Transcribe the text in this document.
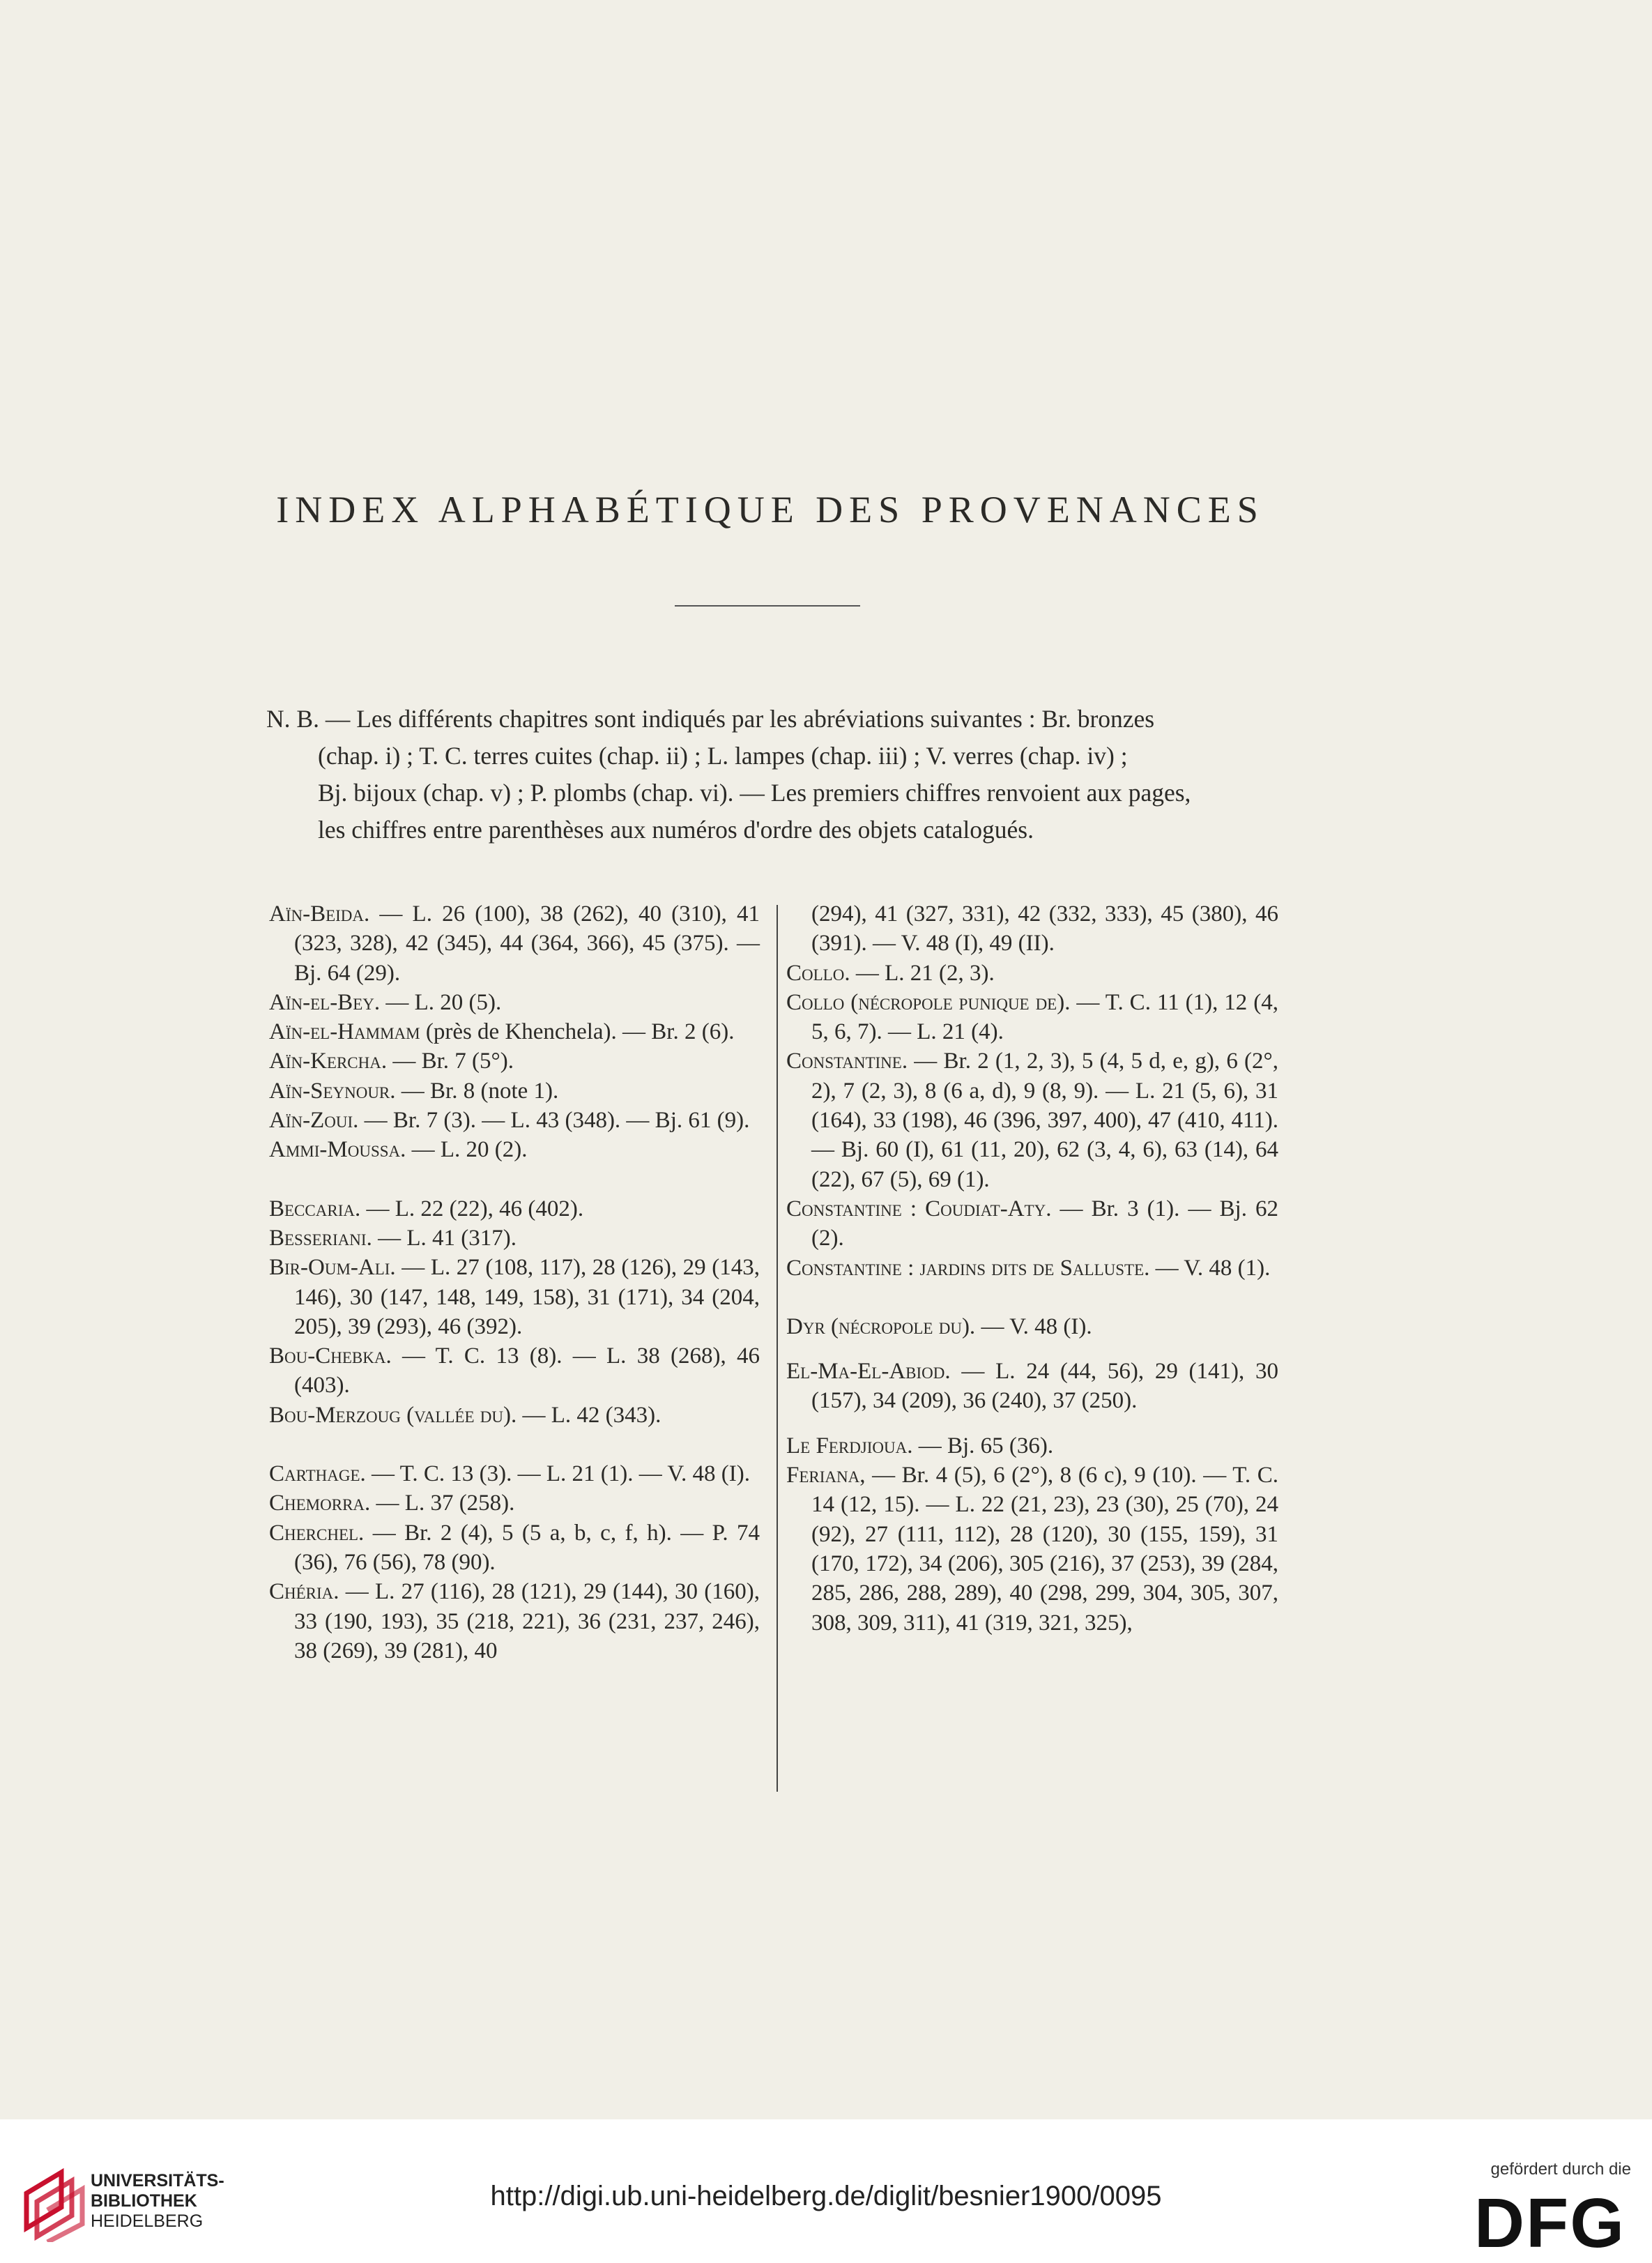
INDEX ALPHABÉTIQUE DES PROVENANCES

N. B. — Les différents chapitres sont indiqués par les abréviations suivantes : Br. bronzes

(chap. i) ; T. C. terres cuites (chap. ii) ; L. lampes (chap. iii) ; V. verres (chap. iv) ;

Bj. bijoux (chap. v) ; P. plombs (chap. vi). — Les premiers chiffres renvoient aux pages,

les chiffres entre parenthèses aux numéros d'ordre des objets catalogués.

Aïn-Beida. — L. 26 (100), 38 (262), 40 (310), 41 (323, 328), 42 (345), 44 (364, 366), 45 (375). — Bj. 64 (29).

Aïn-el-Bey. — L. 20 (5).

Aïn-el-Hammam (près de Khenchela). — Br. 2 (6).

Aïn-Kercha. — Br. 7 (5°).

Aïn-Seynour. — Br. 8 (note 1).

Aïn-Zoui. — Br. 7 (3). — L. 43 (348). — Bj. 61 (9).

Ammi-Moussa. — L. 20 (2).

Beccaria. — L. 22 (22), 46 (402).

Besseriani. — L. 41 (317).

Bir-Oum-Ali. — L. 27 (108, 117), 28 (126), 29 (143, 146), 30 (147, 148, 149, 158), 31 (171), 34 (204, 205), 39 (293), 46 (392).

Bou-Chebka. — T. C. 13 (8). — L. 38 (268), 46 (403).

Bou-Merzoug (vallée du). — L. 42 (343).

Carthage. — T. C. 13 (3). — L. 21 (1). — V. 48 (I).

Chemorra. — L. 37 (258).

Cherchel. — Br. 2 (4), 5 (5 a, b, c, f, h). — P. 74 (36), 76 (56), 78 (90).

Chéria. — L. 27 (116), 28 (121), 29 (144), 30 (160), 33 (190, 193), 35 (218, 221), 36 (231, 237, 246), 38 (269), 39 (281), 40

(294), 41 (327, 331), 42 (332, 333), 45 (380), 46 (391). — V. 48 (I), 49 (II).

Collo. — L. 21 (2, 3).

Collo (nécropole punique de). — T. C. 11 (1), 12 (4, 5, 6, 7). — L. 21 (4).

Constantine. — Br. 2 (1, 2, 3), 5 (4, 5 d, e, g), 6 (2°, 2), 7 (2, 3), 8 (6 a, d), 9 (8, 9). — L. 21 (5, 6), 31 (164), 33 (198), 46 (396, 397, 400), 47 (410, 411). — Bj. 60 (I), 61 (11, 20), 62 (3, 4, 6), 63 (14), 64 (22), 67 (5), 69 (1).

Constantine : Coudiat-Aty. — Br. 3 (1). — Bj. 62 (2).

Constantine : jardins dits de Salluste. — V. 48 (1).

Dyr (nécropole du). — V. 48 (I).

El-Ma-El-Abiod. — L. 24 (44, 56), 29 (141), 30 (157), 34 (209), 36 (240), 37 (250).

Le Ferdjioua. — Bj. 65 (36).

Feriana, — Br. 4 (5), 6 (2°), 8 (6 c), 9 (10). — T. C. 14 (12, 15). — L. 22 (21, 23), 23 (30), 25 (70), 24 (92), 27 (111, 112), 28 (120), 30 (155, 159), 31 (170, 172), 34 (206), 305 (216), 37 (253), 39 (284, 285, 286, 288, 289), 40 (298, 299, 304, 305, 307, 308, 309, 311), 41 (319, 321, 325),

UNIVERSITÄTS-
BIBLIOTHEK
HEIDELBERG
http://digi.ub.uni-heidelberg.de/diglit/besnier1900/0095
gefördert durch die
DFG
